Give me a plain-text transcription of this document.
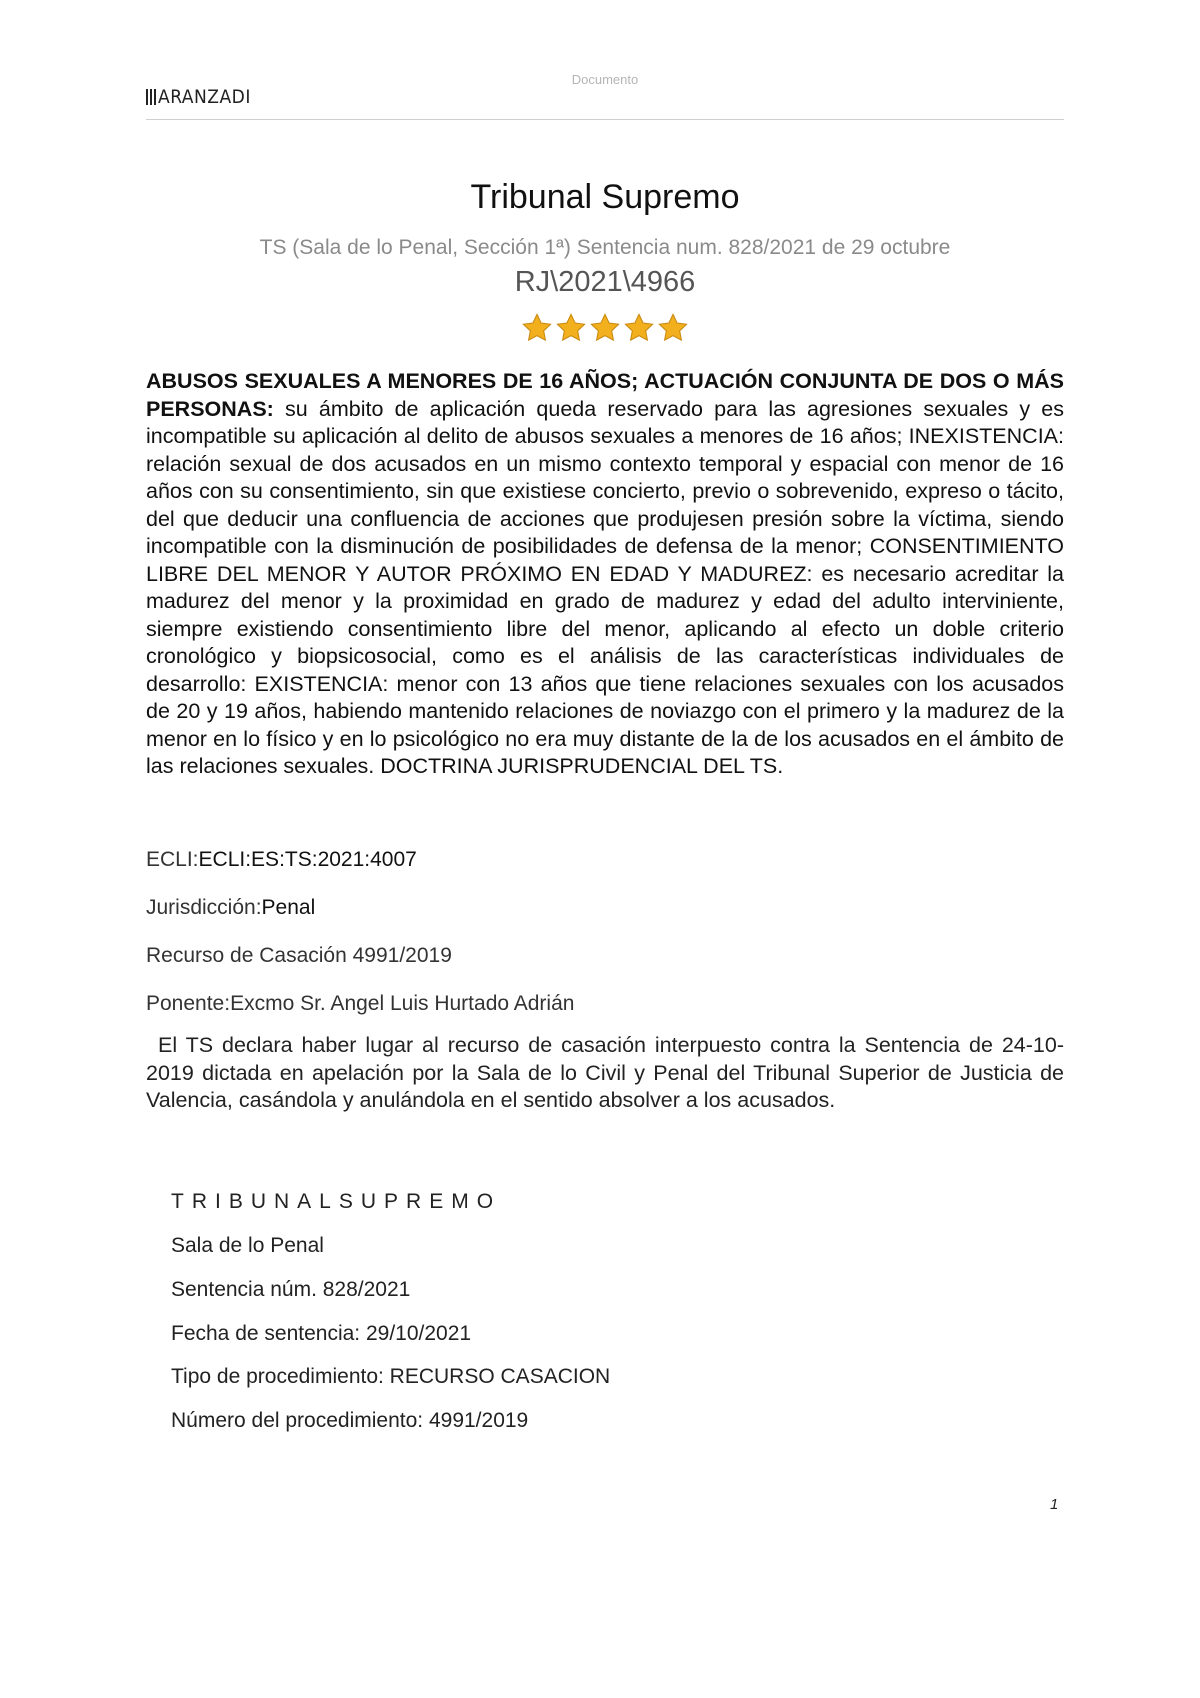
ARANZADI
Documento
Tribunal Supremo
TS (Sala de lo Penal, Sección 1ª) Sentencia num. 828/2021 de 29 octubre
RJ\2021\4966

ABUSOS SEXUALES A MENORES DE 16 AÑOS; ACTUACIÓN CONJUNTA DE DOS O MÁS PERSONAS: su ámbito de aplicación queda reservado para las agresiones sexuales y es incompatible su aplicación al delito de abusos sexuales a menores de 16 años; INEXISTENCIA: relación sexual de dos acusados en un mismo contexto temporal y espacial con menor de 16 años con su consentimiento, sin que existiese concierto, previo o sobrevenido, expreso o tácito, del que deducir una confluencia de acciones que produjesen presión sobre la víctima, siendo incompatible con la disminución de posibilidades de defensa de la menor; CONSENTIMIENTO LIBRE DEL MENOR Y AUTOR PRÓXIMO EN EDAD Y MADUREZ: es necesario acreditar la madurez del menor y la proximidad en grado de madurez y edad del adulto interviniente, siempre existiendo consentimiento libre del menor, aplicando al efecto un doble criterio cronológico y biopsicosocial, como es el análisis de las características individuales de desarrollo: EXISTENCIA: menor con 13 años que tiene relaciones sexuales con los acusados de 20 y 19 años, habiendo mantenido relaciones de noviazgo con el primero y la madurez de la menor en lo físico y en lo psicológico no era muy distante de la de los acusados en el ámbito de las relaciones sexuales. DOCTRINA JURISPRUDENCIAL DEL TS.

ECLI:ECLI:ES:TS:2021:4007

Jurisdicción:Penal

Recurso de Casación 4991/2019

Ponente:Excmo Sr. Angel Luis Hurtado Adrián

El TS declara haber lugar al recurso de casación interpuesto contra la Sentencia de 24-10-2019 dictada en apelación por la Sala de lo Civil y Penal del Tribunal Superior de Justicia de Valencia, casándola y anulándola en el sentido absolver a los acusados.

TRIBUNALSUPREMO

Sala de lo Penal

Sentencia núm. 828/2021

Fecha de sentencia: 29/10/2021

Tipo de procedimiento: RECURSO CASACION

Número del procedimiento: 4991/2019

1
